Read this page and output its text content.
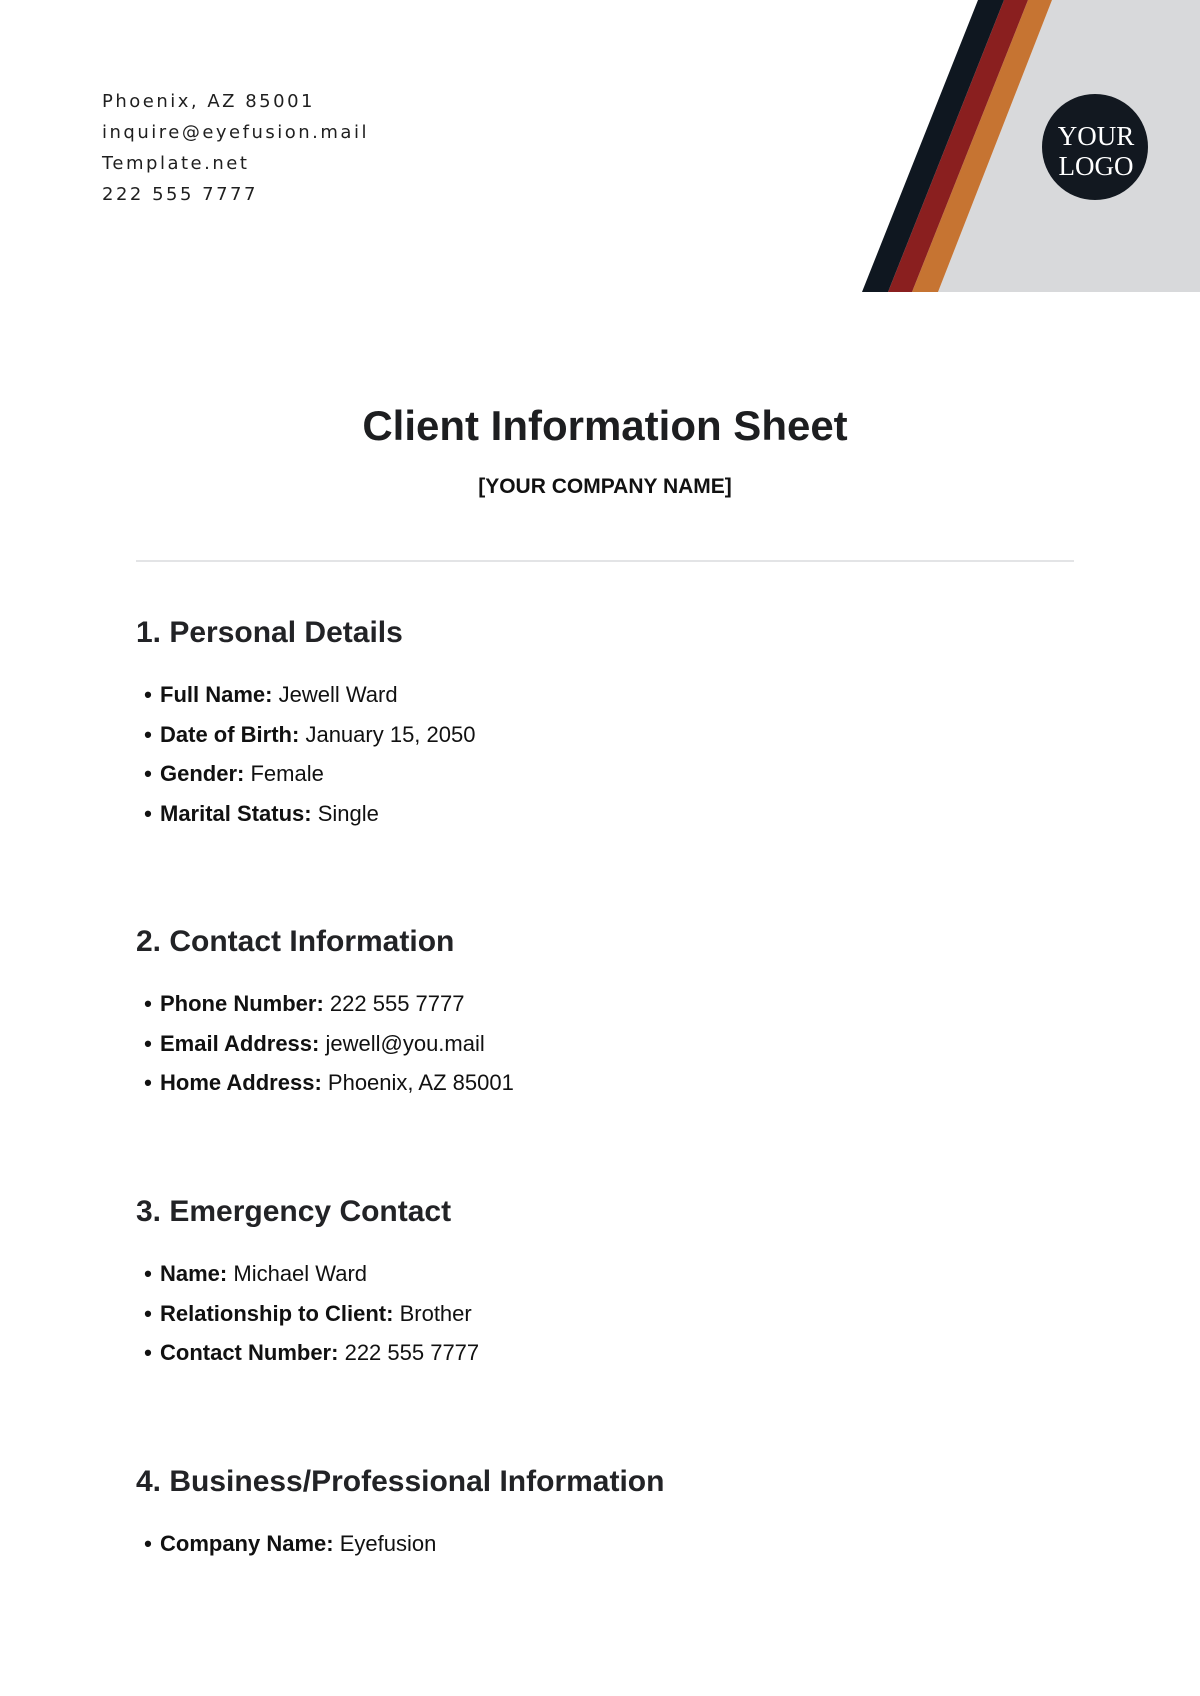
YOUR
LOGO
Phoenix, AZ 85001
inquire@eyefusion.mail
Template.net
222 555 7777
Client Information Sheet
[YOUR COMPANY NAME]
1. Personal Details
• Full Name: Jewell Ward
• Date of Birth: January 15, 2050
• Gender: Female
• Marital Status: Single
2. Contact Information
• Phone Number: 222 555 7777
• Email Address: jewell@you.mail
• Home Address: Phoenix, AZ 85001
3. Emergency Contact
• Name: Michael Ward
• Relationship to Client: Brother
• Contact Number: 222 555 7777
4. Business/Professional Information
• Company Name: Eyefusion
